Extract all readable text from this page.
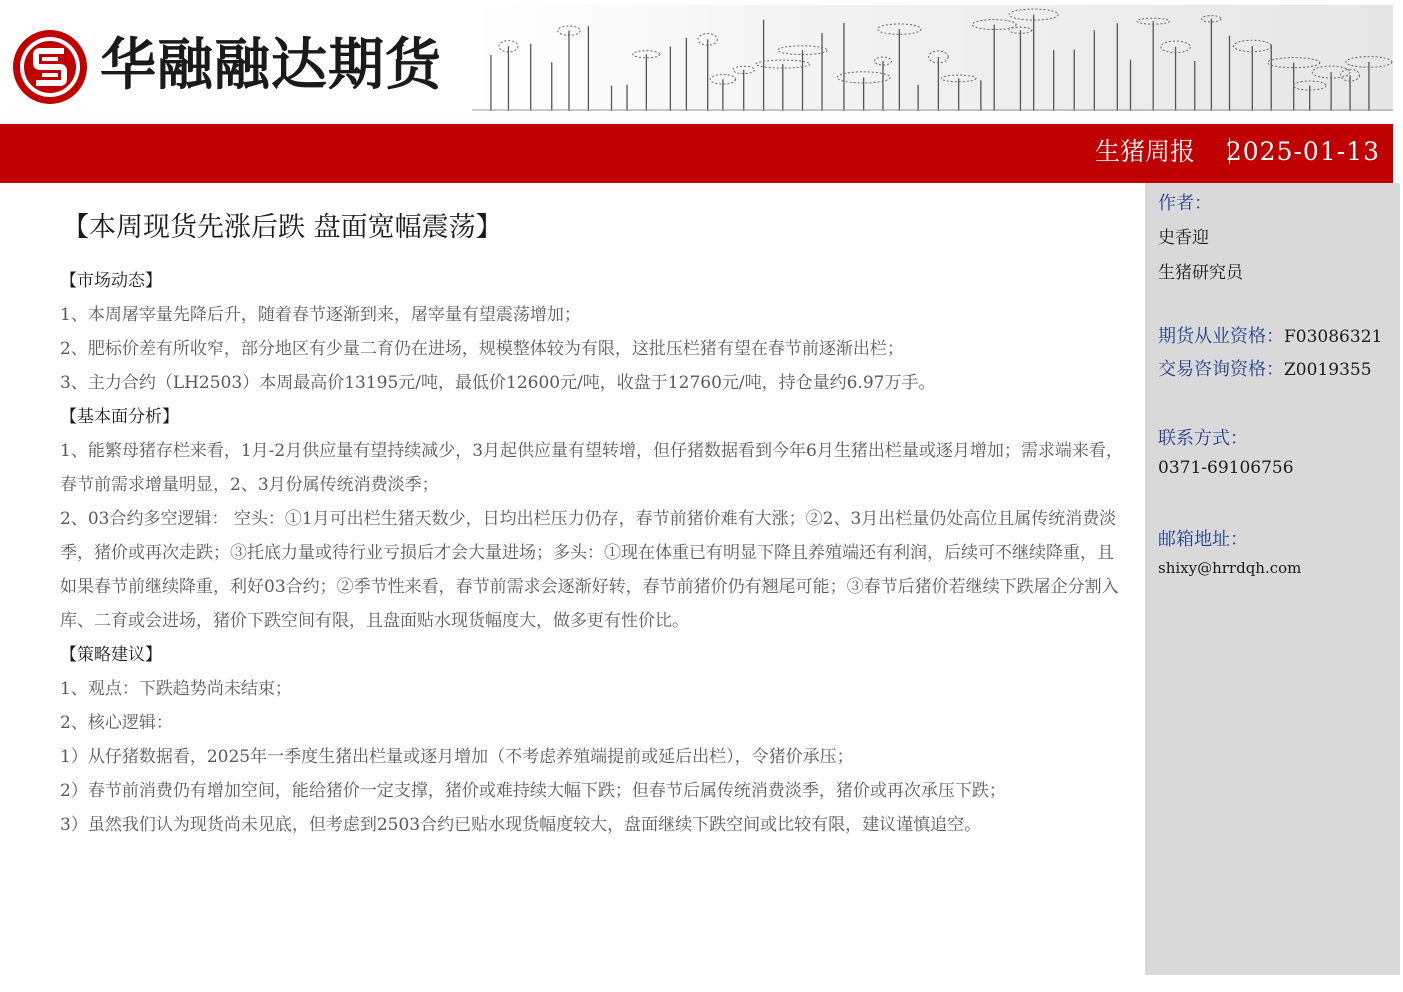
华融融达期货
生猪周报 2025-01-13
作者：
史香迎
生猪研究员
期货从业资格：F03086321
交易咨询资格：Z0019355
联系方式：
0371-69106756
邮箱地址：
shixy@hrrdqh.com
【本周现货先涨后跌 盘面宽幅震荡】
【市场动态】

1、本周屠宰量先降后升，随着春节逐渐到来，屠宰量有望震荡增加；

2、肥标价差有所收窄，部分地区有少量二育仍在进场，规模整体较为有限，这批压栏猪有望在春节前逐渐出栏；

3、主力合约（LH2503）本周最高价13195元/吨，最低价12600元/吨，收盘于12760元/吨，持仓量约6.97万手。

【基本面分析】

1、能繁母猪存栏来看，1月-2月供应量有望持续减少，3月起供应量有望转增，但仔猪数据看到今年6月生猪出栏量或逐月增加；需求端来看，春节前需求增量明显，2、3月份属传统消费淡季；

2、03合约多空逻辑： 空头：①1月可出栏生猪天数少，日均出栏压力仍存，春节前猪价难有大涨；②2、3月出栏量仍处高位且属传统消费淡季，猪价或再次走跌；③托底力量或待行业亏损后才会大量进场；多头：①现在体重已有明显下降且养殖端还有利润，后续可不继续降重，且如果春节前继续降重，利好03合约；②季节性来看，春节前需求会逐渐好转，春节前猪价仍有翘尾可能；③春节后猪价若继续下跌屠企分割入库、二育或会进场，猪价下跌空间有限，且盘面贴水现货幅度大，做多更有性价比。

【策略建议】

1、观点：下跌趋势尚未结束；

2、核心逻辑：

1）从仔猪数据看，2025年一季度生猪出栏量或逐月增加（不考虑养殖端提前或延后出栏），令猪价承压；

2）春节前消费仍有增加空间，能给猪价一定支撑，猪价或难持续大幅下跌；但春节后属传统消费淡季，猪价或再次承压下跌；

3）虽然我们认为现货尚未见底，但考虑到2503合约已贴水现货幅度较大，盘面继续下跌空间或比较有限，建议谨慎追空。
